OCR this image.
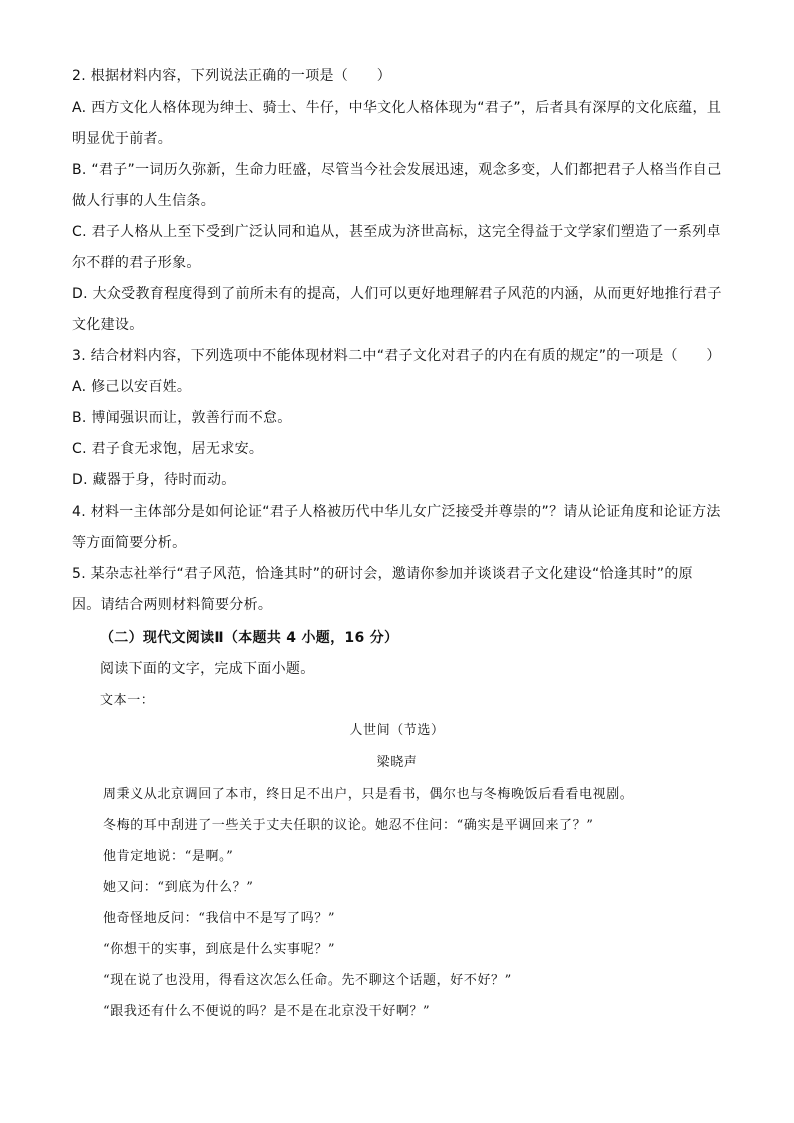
2. 根据材料内容，下列说法正确的一项是（　　）
A. 西方文化人格体现为绅士、骑士、牛仔，中华文化人格体现为“君子”，后者具有深厚的文化底蕴，且
明显优于前者。
B. “君子”一词历久弥新，生命力旺盛，尽管当今社会发展迅速，观念多变，人们都把君子人格当作自己
做人行事的人生信条。
C. 君子人格从上至下受到广泛认同和追从，甚至成为济世高标，这完全得益于文学家们塑造了一系列卓
尔不群的君子形象。
D. 大众受教育程度得到了前所未有的提高，人们可以更好地理解君子风范的内涵，从而更好地推行君子
文化建设。
3. 结合材料内容，下列选项中不能体现材料二中“君子文化对君子的内在有质的规定”的一项是（　　）
A. 修己以安百姓。
B. 博闻强识而让，敦善行而不怠。
C. 君子食无求饱，居无求安。
D. 藏器于身，待时而动。
4. 材料一主体部分是如何论证“君子人格被历代中华儿女广泛接受并尊崇的”？请从论证角度和论证方法
等方面简要分析。
5. 某杂志社举行“君子风范，恰逢其时”的研讨会，邀请你参加并谈谈君子文化建设“恰逢其时”的原
因。请结合两则材料简要分析。
（二）现代文阅读Ⅱ（本题共 4 小题，16 分）
阅读下面的文字，完成下面小题。
文本一：
人世间（节选）
梁晓声
周秉义从北京调回了本市，终日足不出户，只是看书，偶尔也与冬梅晚饭后看看电视剧。
冬梅的耳中刮进了一些关于丈夫任职的议论。她忍不住问：“确实是平调回来了？”
他肯定地说：“是啊。”
她又问：“到底为什么？”
他奇怪地反问：“我信中不是写了吗？”
“你想干的实事，到底是什么实事呢？”
“现在说了也没用，得看这次怎么任命。先不聊这个话题，好不好？”
“跟我还有什么不便说的吗？是不是在北京没干好啊？”
